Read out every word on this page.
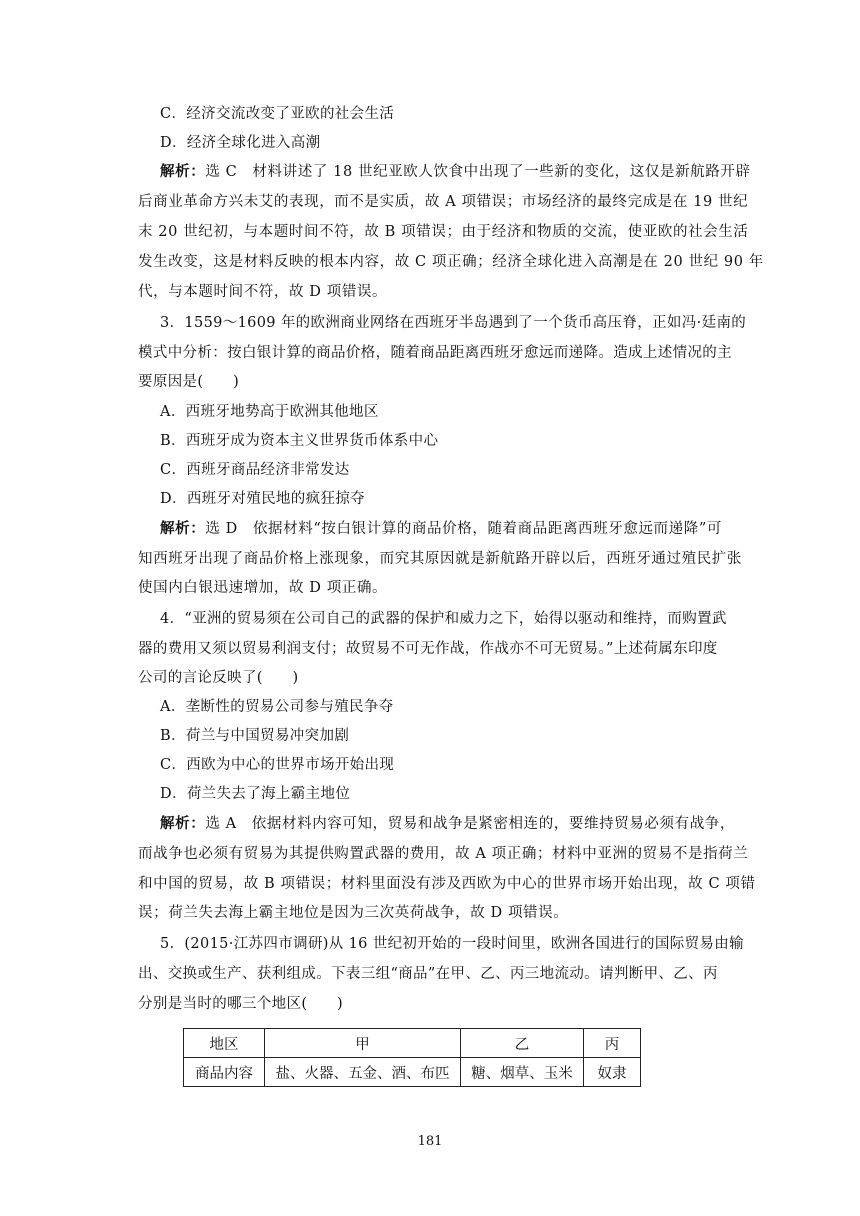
C．经济交流改变了亚欧的社会生活
D．经济全球化进入高潮
解析：选 C　材料讲述了 18 世纪亚欧人饮食中出现了一些新的变化，这仅是新航路开辟
后商业革命方兴未艾的表现，而不是实质，故 A 项错误；市场经济的最终完成是在 19 世纪
末 20 世纪初，与本题时间不符，故 B 项错误；由于经济和物质的交流，使亚欧的社会生活
发生改变，这是材料反映的根本内容，故 C 项正确；经济全球化进入高潮是在 20 世纪 90 年
代，与本题时间不符，故 D 项错误。
3．1559～1609 年的欧洲商业网络在西班牙半岛遇到了一个货币高压脊，正如冯·廷南的
模式中分析：按白银计算的商品价格，随着商品距离西班牙愈远而递降。造成上述情况的主
要原因是(　　)
A．西班牙地势高于欧洲其他地区
B．西班牙成为资本主义世界货币体系中心
C．西班牙商品经济非常发达
D．西班牙对殖民地的疯狂掠夺
解析：选 D　依据材料“按白银计算的商品价格，随着商品距离西班牙愈远而递降”可
知西班牙出现了商品价格上涨现象，而究其原因就是新航路开辟以后，西班牙通过殖民扩张
使国内白银迅速增加，故 D 项正确。
4．“亚洲的贸易须在公司自己的武器的保护和威力之下，始得以驱动和维持，而购置武
器的费用又须以贸易利润支付；故贸易不可无作战，作战亦不可无贸易。”上述荷属东印度
公司的言论反映了(　　)
A．垄断性的贸易公司参与殖民争夺
B．荷兰与中国贸易冲突加剧
C．西欧为中心的世界市场开始出现
D．荷兰失去了海上霸主地位
解析：选 A　依据材料内容可知，贸易和战争是紧密相连的，要维持贸易必须有战争，
而战争也必须有贸易为其提供购置武器的费用，故 A 项正确；材料中亚洲的贸易不是指荷兰
和中国的贸易，故 B 项错误；材料里面没有涉及西欧为中心的世界市场开始出现，故 C 项错
误；荷兰失去海上霸主地位是因为三次英荷战争，故 D 项错误。
5．(2015·江苏四市调研)从 16 世纪初开始的一段时间里，欧洲各国进行的国际贸易由输
出、交换或生产、获利组成。下表三组“商品”在甲、乙、丙三地流动。请判断甲、乙、丙
分别是当时的哪三个地区(　　)
地区	甲	乙	丙
商品内容	盐、火器、五金、酒、布匹	糖、烟草、玉米	奴隶
181
